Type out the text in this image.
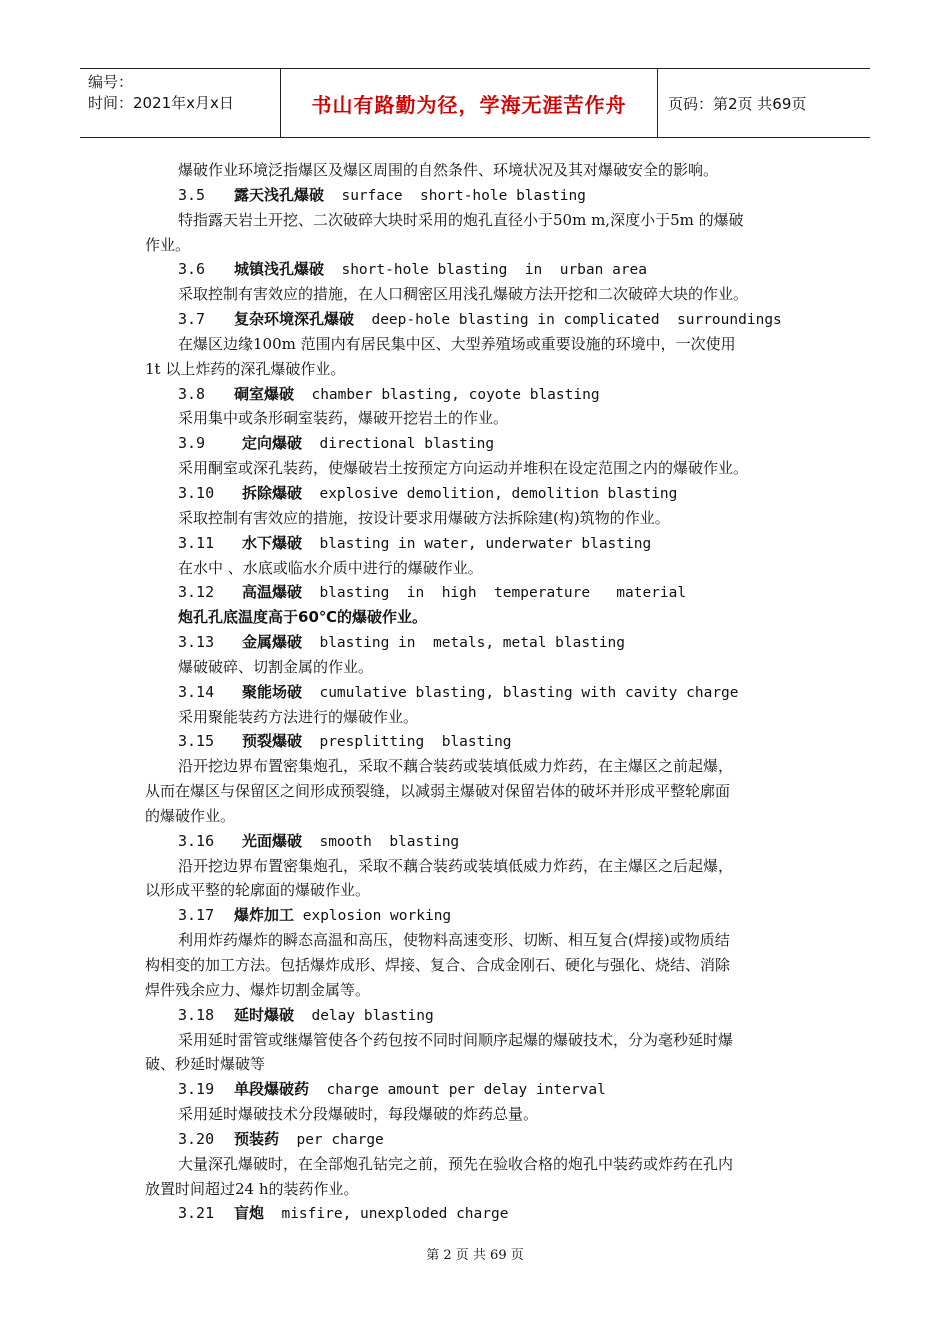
编号：
时间：2021年x月x日	书山有路勤为径，学海无涯苦作舟	页码：第2页 共69页
爆破作业环境泛指爆区及爆区周围的自然条件、环境状况及其对爆破安全的影响。
3.5 露天浅孔爆破  surface  short-hole blasting
特指露天岩土开挖、二次破碎大块时采用的炮孔直径小于50m m,深度小于5m 的爆破
作业。
3.6 城镇浅孔爆破  short-hole blasting  in  urban area
采取控制有害效应的措施，在人口稠密区用浅孔爆破方法开挖和二次破碎大块的作业。
3.7 复杂环境深孔爆破  deep-hole blasting in complicated  surroundings
在爆区边缘100m 范围内有居民集中区、大型养殖场或重要设施的环境中，一次使用
1t 以上炸药的深孔爆破作业。
3.8 硐室爆破  chamber blasting, coyote blasting
采用集中或条形硐室装药，爆破开挖岩土的作业。
3.9 定向爆破  directional blasting
采用酮室或深孔装药，使爆破岩土按预定方向运动并堆积在设定范围之内的爆破作业。
3.10 拆除爆破  explosive demolition, demolition blasting
采取控制有害效应的措施，按设计要求用爆破方法拆除建(构)筑物的作业。
3.11 水下爆破  blasting in water, underwater blasting
在水中 、水底或临水介质中进行的爆破作业。
3.12 高温爆破  blasting  in  high  temperature   material
炮孔孔底温度高于60℃的爆破作业。
3.13 金属爆破  blasting in  metals, metal blasting
爆破破碎、切割金属的作业。
3.14 聚能场破  cumulative blasting, blasting with cavity charge
采用聚能装药方法进行的爆破作业。
3.15 预裂爆破  presplitting  blasting
沿开挖边界布置密集炮孔，采取不藕合装药或装填低威力炸药，在主爆区之前起爆，
从而在爆区与保留区之间形成预裂缝，以减弱主爆破对保留岩体的破坏并形成平整轮廓面
的爆破作业。
3.16 光面爆破  smooth  blasting
沿开挖边界布置密集炮孔，采取不藕合装药或装填低威力炸药，在主爆区之后起爆，
以形成平整的轮廓面的爆破作业。
3.17 爆炸加工 explosion working
利用炸药爆炸的瞬态高温和高压，使物料高速变形、切断、相互复合(焊接)或物质结
构相变的加工方法。包括爆炸成形、焊接、复合、合成金刚石、硬化与强化、烧结、消除
焊件残余应力、爆炸切割金属等。
3.18 延时爆破  delay blasting
采用延时雷管或继爆管使各个药包按不同时间顺序起爆的爆破技术，分为毫秒延时爆
破、秒延时爆破等
3.19 单段爆破药  charge amount per delay interval
采用延时爆破技术分段爆破时，每段爆破的炸药总量。
3.20 预装药  per charge
大量深孔爆破时，在全部炮孔钻完之前，预先在验收合格的炮孔中装药或炸药在孔内
放置时间超过24 h的装药作业。
3.21 盲炮  misfire, unexploded charge
第 2 页 共 69 页
